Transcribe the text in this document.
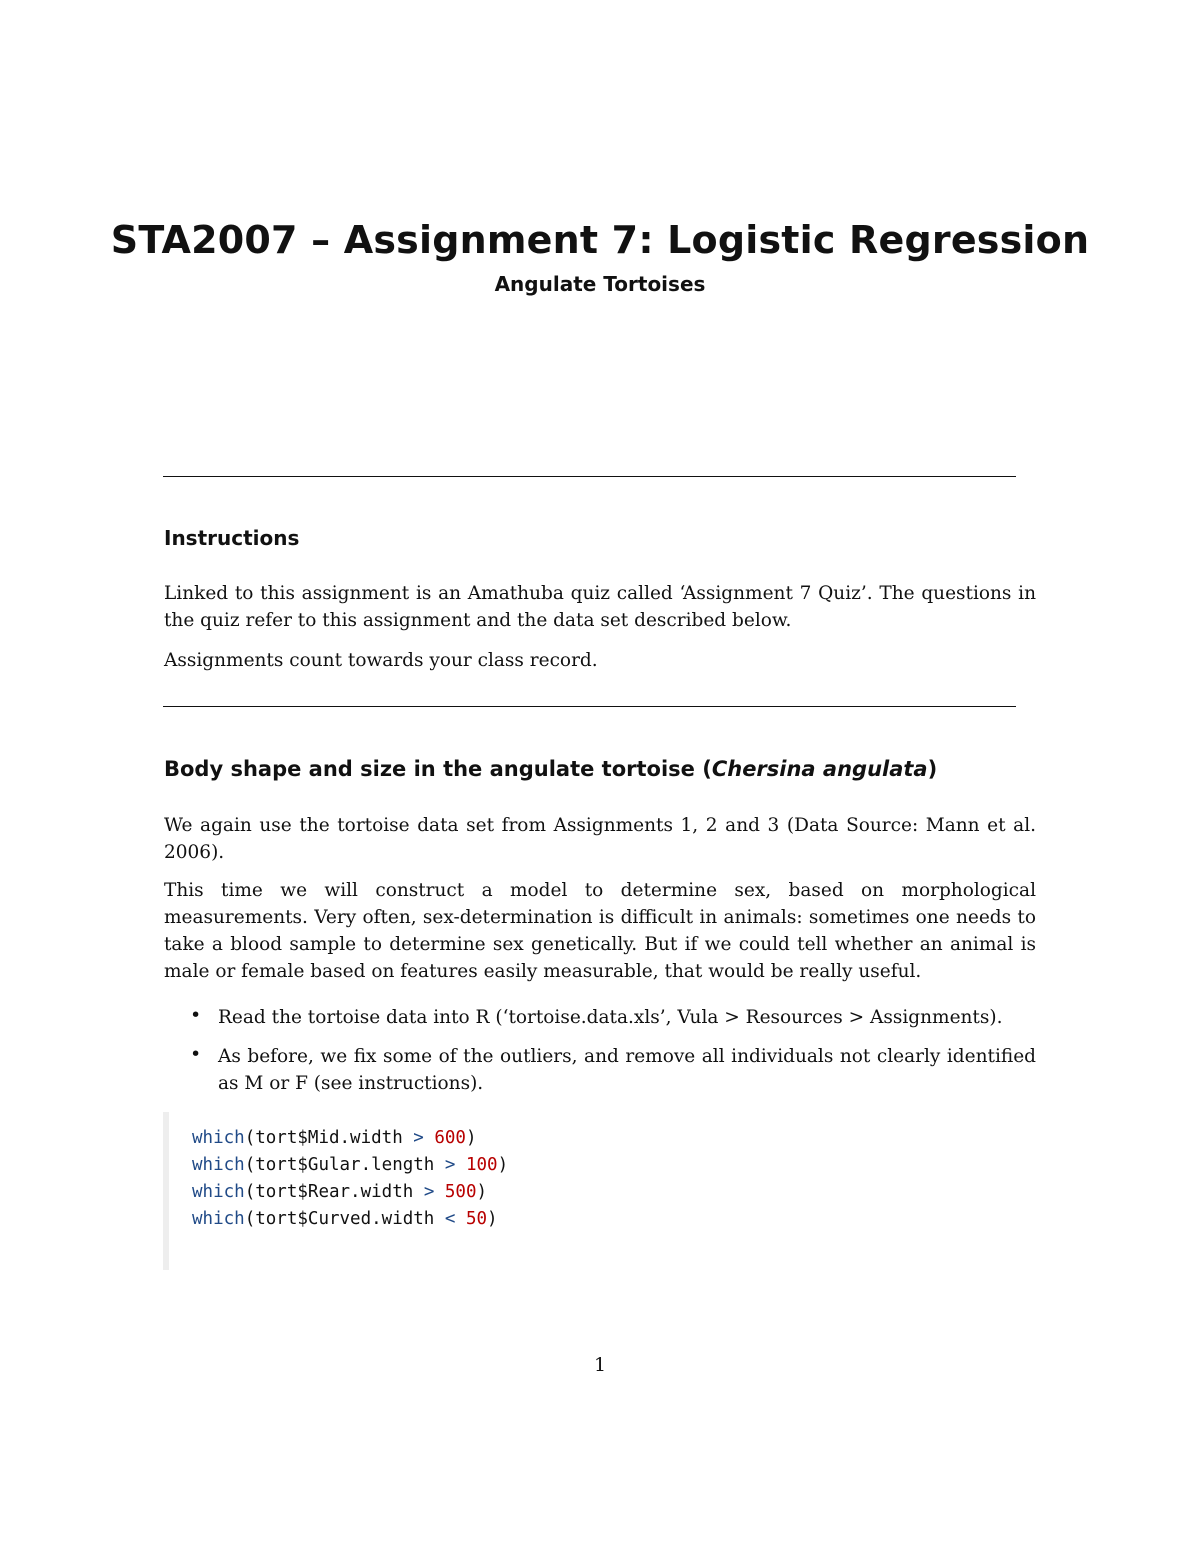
STA2007 – Assignment 7: Logistic Regression
Angulate Tortoises
Instructions
Linked to this assignment is an Amathuba quiz called ‘Assignment 7 Quiz’. The questions in the quiz refer to this assignment and the data set described below.
Assignments count towards your class record.
Body shape and size in the angulate tortoise (Chersina angulata)
We again use the tortoise data set from Assignments 1, 2 and 3 (Data Source: Mann et al. 2006).
This time we will construct a model to determine sex, based on morphological measurements. Very often, sex-determination is difficult in animals: sometimes one needs to take a blood sample to determine sex genetically. But if we could tell whether an animal is male or female based on features easily measurable, that would be really useful.
• Read the tortoise data into R (‘tortoise.data.xls’, Vula > Resources > Assignments).
• As before, we fix some of the outliers, and remove all individuals not clearly identified as M or F (see instructions).
which(tort$Mid.width > 600)
which(tort$Gular.length > 100)
which(tort$Rear.width > 500)
which(tort$Curved.width < 50)
1
